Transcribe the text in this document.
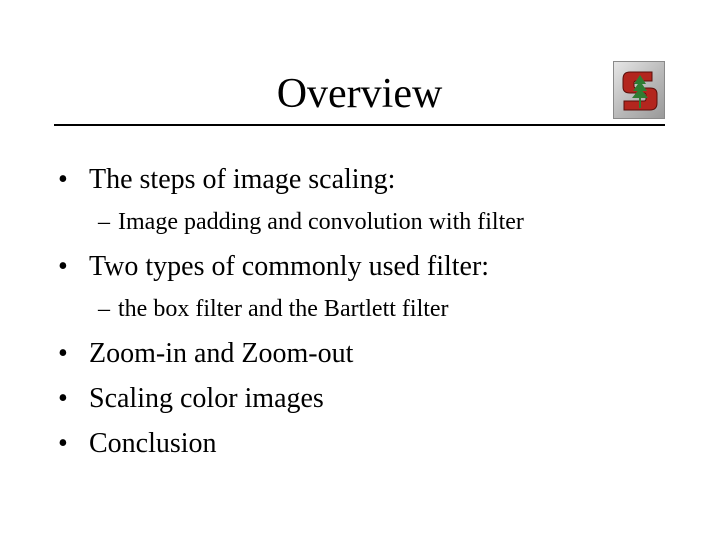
Overview
• The steps of image scaling:
– Image padding and convolution with filter
• Two types of commonly used filter:
– the box filter and the Bartlett filter
• Zoom-in and Zoom-out
• Scaling color images
• Conclusion
